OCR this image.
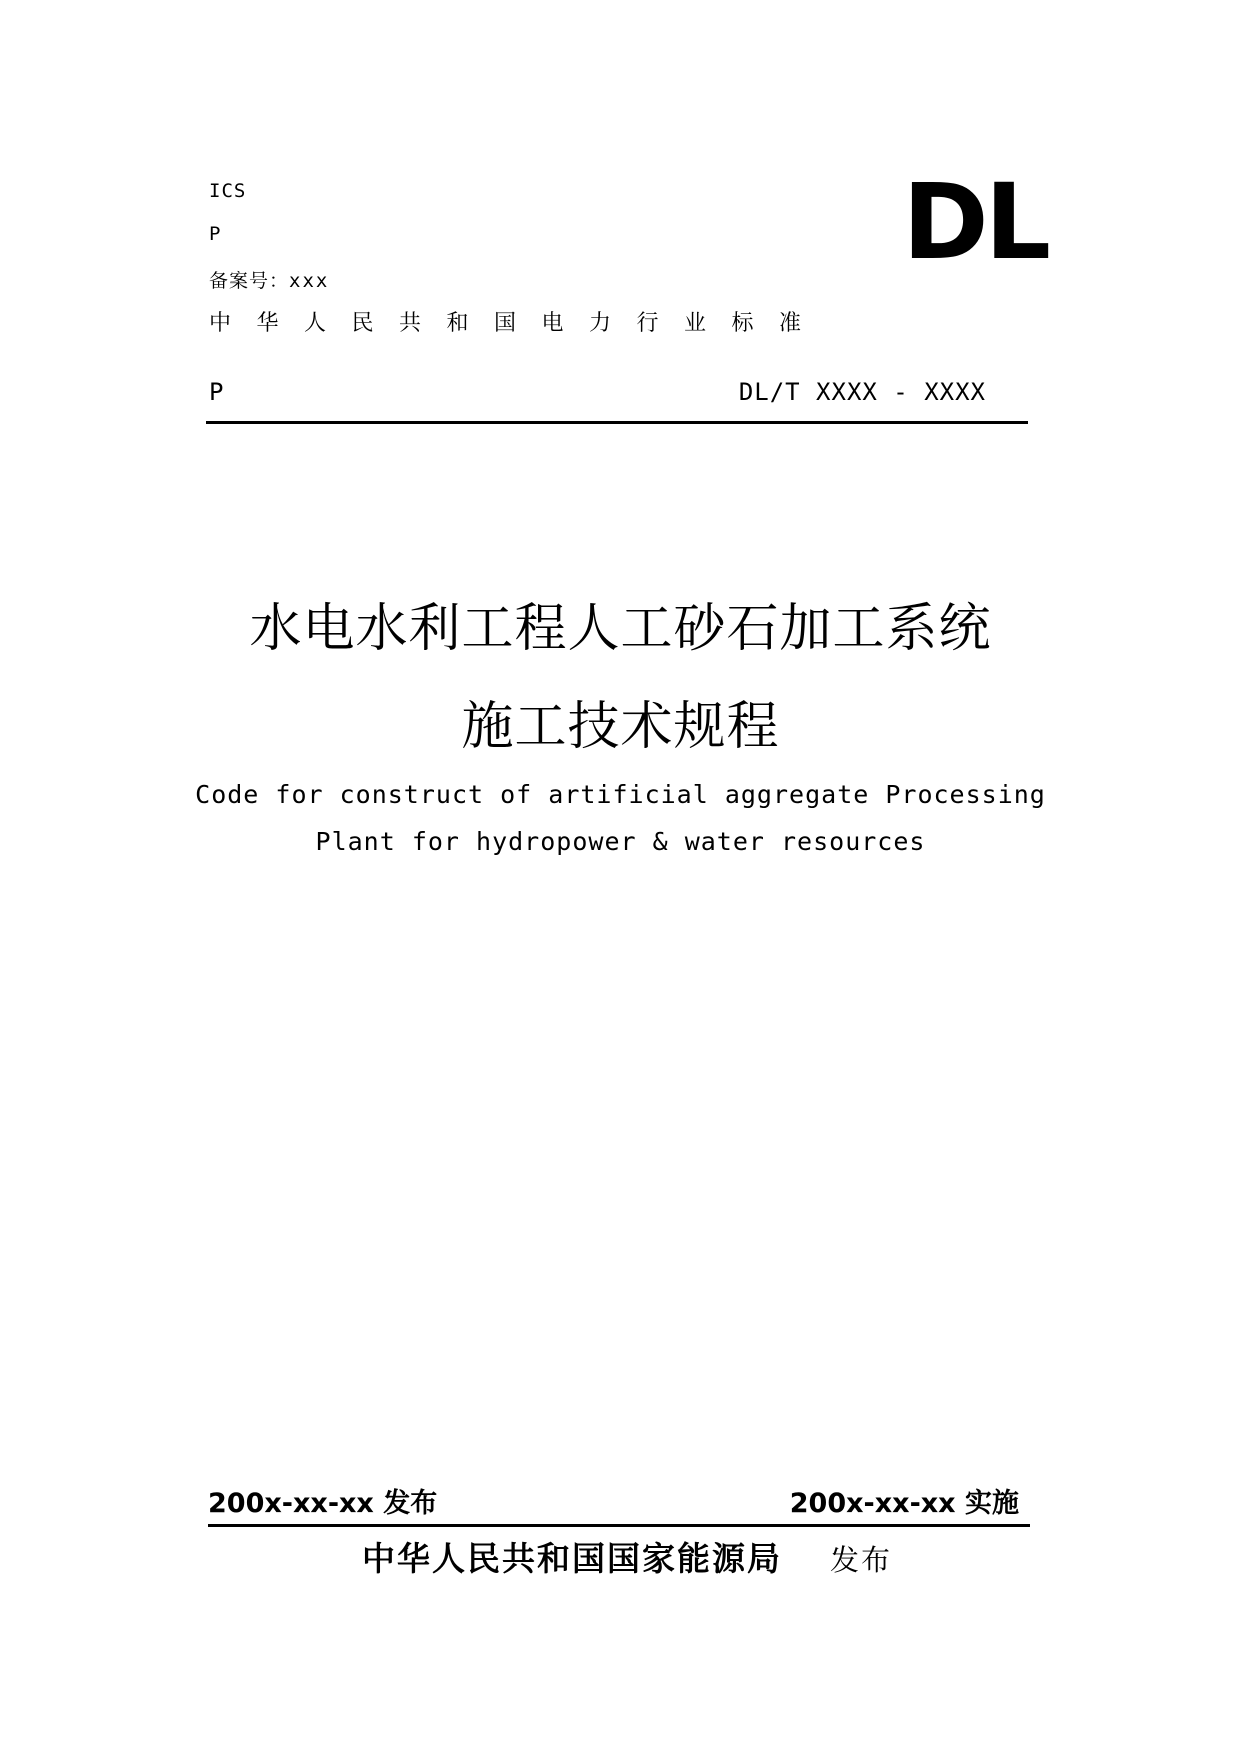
ICS
P
备案号：xxx	DL
中华人民共和国电力行业标准
P	DL/T XXXX - XXXX
水电水利工程人工砂石加工系统
施工技术规程
Code for construct of artificial aggregate Processing
Plant for hydropower & water resources
200x-xx-xx 发布	200x-xx-xx 实施
中华人民共和国国家能源局 发布
